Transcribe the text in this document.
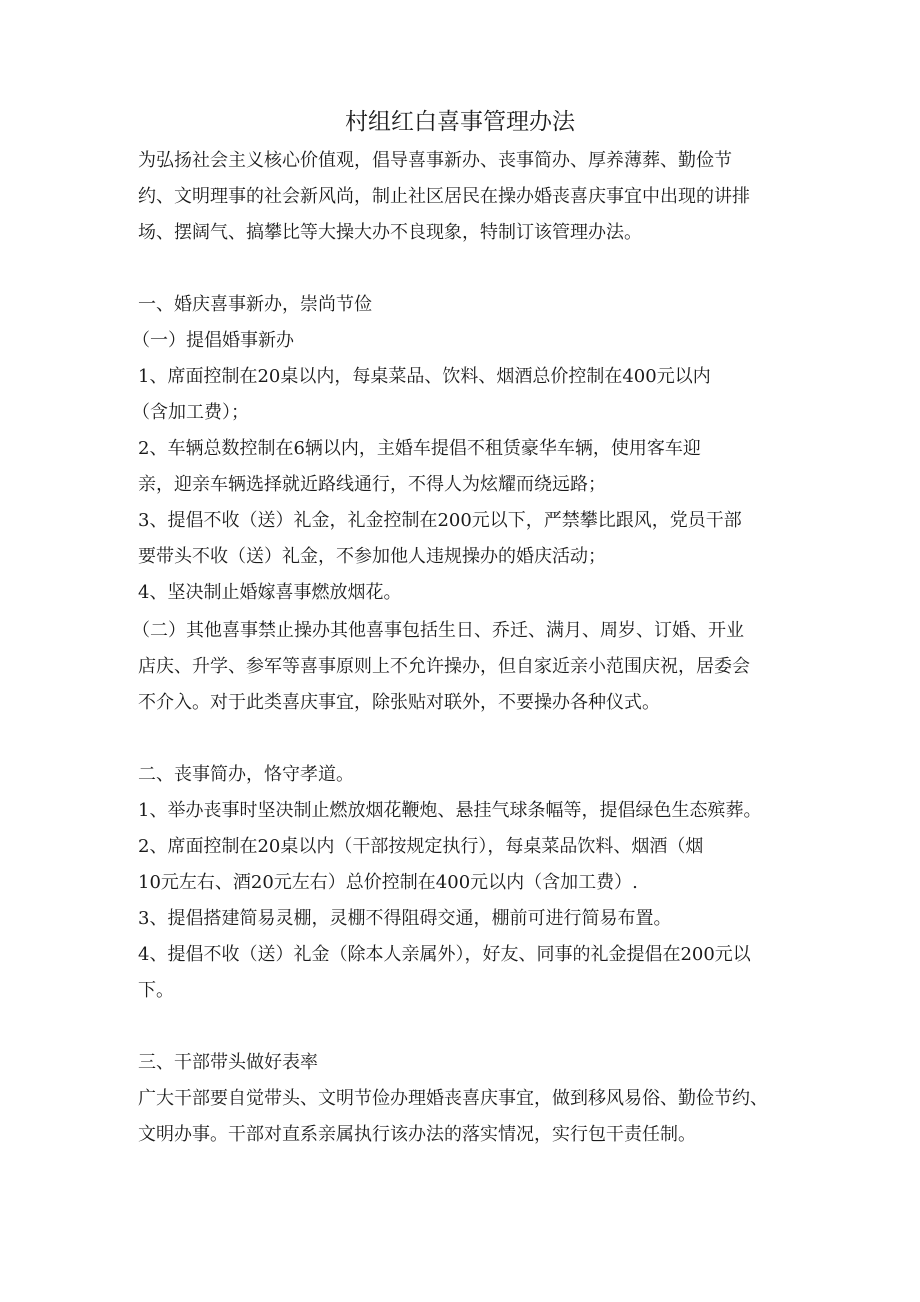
村组红白喜事管理办法
为弘扬社会主义核心价值观，倡导喜事新办、丧事简办、厚养薄葬、勤俭节
约、文明理事的社会新风尚，制止社区居民在操办婚丧喜庆事宜中出现的讲排
场、摆阔气、搞攀比等大操大办不良现象，特制订该管理办法。
一、婚庆喜事新办，崇尚节俭
（一）提倡婚事新办
1、席面控制在20桌以内，每桌菜品、饮料、烟酒总价控制在400元以内
（含加工费）；
2、车辆总数控制在6辆以内，主婚车提倡不租赁豪华车辆，使用客车迎
亲，迎亲车辆选择就近路线通行，不得人为炫耀而绕远路；
3、提倡不收（送）礼金，礼金控制在200元以下，严禁攀比跟风，党员干部
要带头不收（送）礼金，不参加他人违规操办的婚庆活动；
4、坚决制止婚嫁喜事燃放烟花。
（二）其他喜事禁止操办其他喜事包括生日、乔迁、满月、周岁、订婚、开业
店庆、升学、参军等喜事原则上不允许操办，但自家近亲小范围庆祝，居委会
不介入。对于此类喜庆事宜，除张贴对联外，不要操办各种仪式。
二、丧事简办，恪守孝道。
1、举办丧事时坚决制止燃放烟花鞭炮、悬挂气球条幅等，提倡绿色生态殡葬。
2、席面控制在20桌以内（干部按规定执行），每桌菜品饮料、烟酒（烟
10元左右、酒20元左右）总价控制在400元以内（含加工费）.
3、提倡搭建简易灵棚，灵棚不得阻碍交通，棚前可进行简易布置。
4、提倡不收（送）礼金（除本人亲属外），好友、同事的礼金提倡在200元以
下。
三、干部带头做好表率
广大干部要自觉带头、文明节俭办理婚丧喜庆事宜，做到移风易俗、勤俭节约、
文明办事。干部对直系亲属执行该办法的落实情况，实行包干责任制。
